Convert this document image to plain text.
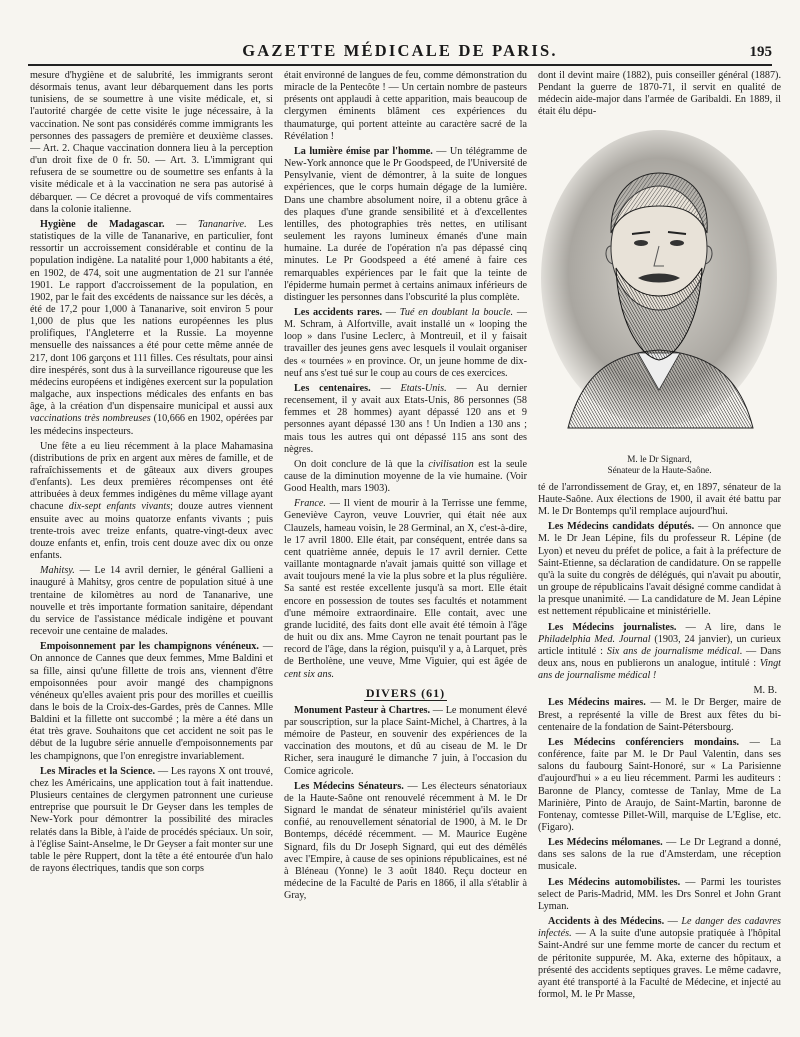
GAZETTE MÉDICALE DE PARIS.	195

mesure d'hygiène et de salubrité, les immigrants seront désormais tenus, avant leur débarquement dans les ports tunisiens, de se soumettre à une visite médicale, et, si l'autorité chargée de cette visite le juge nécessaire, à la vaccination. Ne sont pas considérés comme immigrants les personnes des passagers de première et deuxième classes. — Art. 2. Chaque vaccination donnera lieu à la perception d'un droit fixe de 0 fr. 50. — Art. 3. L'immigrant qui refusera de se soumettre ou de soumettre ses enfants à la visite médicale et à la vaccination ne sera pas autorisé à débarquer. — Ce décret a provoqué de vifs commentaires dans la colonie italienne.

Hygiène de Madagascar. — Tananarive. Les statistiques de la ville de Tananarive, en particulier, font ressortir un accroissement considérable et continu de la population indigène. La natalité pour 1,000 habitants a été, en 1902, de 474, soit une augmentation de 21 sur l'année 1901. Le rapport d'accroissement de la population, en 1902, par le fait des excédents de naissance sur les décès, a été de 17,2 pour 1,000 à Tananarive, soit environ 5 pour 1,000 de plus que les nations européennes les plus prolifiques, l'Angleterre et la Russie. La moyenne mensuelle des naissances a été pour cette même année de 217, dont 106 garçons et 111 filles. Ces résultats, pour ainsi dire inespérés, sont dus à la surveillance rigoureuse que les médecins européens et indigènes exercent sur la population malgache, aux inspections médicales des enfants en bas âge, à la création d'un dispensaire municipal et aussi aux vaccinations très nombreuses (10,666 en 1902, opérées par les médecins inspecteurs.

Une fête a eu lieu récemment à la place Mahamasina (distributions de prix en argent aux mères de famille, et de rafraîchissements et de gâteaux aux divers groupes d'enfants). Les deux premières récompenses ont été attribuées à deux femmes indigènes du même village ayant chacune dix-sept enfants vivants; douze autres viennent ensuite avec au moins quatorze enfants vivants ; puis trente-trois avec treize enfants, quatre-vingt-deux avec douze enfants et, enfin, trois cent douze avec dix ou onze enfants.

Mahitsy. — Le 14 avril dernier, le général Gallieni a inauguré à Mahitsy, gros centre de population situé à une trentaine de kilomètres au nord de Tananarive, une nouvelle et très importante formation sanitaire, dépendant du service de l'assistance médicale indigène et pouvant recevoir une centaine de malades.

Empoisonnement par les champignons vénéneux. — On annonce de Cannes que deux femmes, Mme Baldini et sa fille, ainsi qu'une fillette de trois ans, viennent d'être empoisonnées pour avoir mangé des champignons vénéneux qu'elles avaient pris pour des morilles et cueillis dans le bois de la Croix-des-Gardes, près de Cannes. Mlle Baldini et la fillette ont succombé ; la mère a été dans un état très grave. Souhaitons que cet accident ne soit pas le début de la lugubre série annuelle d'empoisonnements par les champignons, que l'on enregistre invariablement.

Les Miracles et la Science. — Les rayons X ont trouvé, chez les Américains, une application tout à fait inattendue. Plusieurs centaines de clergymen patronnent une curieuse entreprise que poursuit le Dr Geyser dans les temples de New-York pour démontrer la possibilité des miracles relatés dans la Bible, à l'aide de procédés spéciaux. Un soir, à l'église Saint-Anselme, le Dr Geyser a fait monter sur une table le père Ruppert, dont la tête a été entourée d'un halo de rayons électriques, tandis que son corps

était environné de langues de feu, comme démonstration du miracle de la Pentecôte ! — Un certain nombre de pasteurs présents ont applaudi à cette apparition, mais beaucoup de clergymen éminents blâment ces expériences du thaumaturge, qui portent atteinte au caractère sacré de la Révélation !

La lumière émise par l'homme. — Un télégramme de New-York annonce que le Pr Goodspeed, de l'Université de Pensylvanie, vient de démontrer, à la suite de longues expériences, que le corps humain dégage de la lumière. Dans une chambre absolument noire, il a obtenu grâce à des plaques d'une grande sensibilité et à d'excellentes lentilles, des photographies très nettes, en utilisant seulement les rayons lumineux émanés d'une main humaine. La durée de l'opération n'a pas dépassé cinq minutes. Le Pr Goodspeed a été amené à faire ces remarquables expériences par le fait que la teinte de l'épiderme humain permet à certains animaux inférieurs de distinguer les personnes dans l'obscurité la plus complète.

Les accidents rares. — Tué en doublant la boucle. — M. Schram, à Alfortville, avait installé un « looping the loop » dans l'usine Leclerc, à Montreuil, et il y faisait travailler des jeunes gens avec lesquels il voulait organiser des « tournées » en province. Or, un jeune homme de dix-neuf ans s'est tué sur le coup au cours de ces exercices.

Les centenaires. — Etats-Unis. — Au dernier recensement, il y avait aux Etats-Unis, 86 personnes (58 femmes et 28 hommes) ayant dépassé 120 ans et 9 personnes ayant dépassé 130 ans ! Un Indien a 130 ans ; mais tous les autres qui ont dépassé 115 ans sont des nègres.

On doit conclure de là que la civilisation est la seule cause de la diminution moyenne de la vie humaine. (Voir Good Health, mars 1903).

France. — Il vient de mourir à la Terrisse une femme, Geneviève Cayron, veuve Louvrier, qui était née aux Clauzels, hameau voisin, le 28 Germinal, an X, c'est-à-dire, le 17 avril 1800. Elle était, par conséquent, entrée dans sa cent quatrième année, depuis le 17 avril dernier. Cette vaillante montagnarde n'avait jamais quitté son village et avait toujours mené la vie la plus sobre et la plus régulière. Sa santé est restée excellente jusqu'à sa mort. Elle était encore en possession de toutes ses facultés et notamment d'une mémoire extraordinaire. Elle contait, avec une grande lucidité, des faits dont elle avait été témoin à l'âge de huit ou dix ans. Mme Cayron ne tenait pourtant pas le record de l'âge, dans la région, puisqu'il y a, à Larquet, près de Bertholène, une veuve, Mme Viguier, qui est âgée de cent six ans.

DIVERS (61)

Monument Pasteur à Chartres. — Le monument élevé par souscription, sur la place Saint-Michel, à Chartres, à la mémoire de Pasteur, en souvenir des expériences de la vaccination des moutons, et dû au ciseau de M. le Dr Richer, sera inauguré le dimanche 7 juin, à l'occasion du Comice agricole.

Les Médecins Sénateurs. — Les électeurs sénatoriaux de la Haute-Saône ont renouvelé récemment à M. le Dr Signard le mandat de sénateur ministériel qu'ils avaient confié, au renouvellement sénatorial de 1900, à M. le Dr Bontemps, décédé récemment. — M. Maurice Eugène Signard, fils du Dr Joseph Signard, qui eut des démêlés avec l'Empire, à cause de ses opinions républicaines, est né à Bléneau (Yonne) le 3 août 1840. Reçu docteur en médecine de la Faculté de Paris en 1866, il alla s'établir à Gray,

dont il devint maire (1882), puis conseiller général (1887). Pendant la guerre de 1870-71, il servit en qualité de médecin aide-major dans l'armée de Garibaldi. En 1889, il était élu dépu-

M. le Dr Signard,
Sénateur de la Haute-Saône.

té de l'arrondissement de Gray, et, en 1897, sénateur de la Haute-Saône. Aux élections de 1900, il avait été battu par M. le Dr Bontemps qu'il remplace aujourd'hui.

Les Médecins candidats députés. — On annonce que M. le Dr Jean Lépine, fils du professeur R. Lépine (de Lyon) et neveu du préfet de police, a fait à la préfecture de Saint-Etienne, sa déclaration de candidature. On se rappelle qu'à la suite du congrès de délégués, qui n'avait pu aboutir, un groupe de républicains l'avait désigné comme candidat à la presque unanimité. — La candidature de M. Jean Lépine est nettement républicaine et ministérielle.

Les Médecins journalistes. — A lire, dans le Philadelphia Med. Journal (1903, 24 janvier), un curieux article intitulé : Six ans de journalisme médical. — Dans deux ans, nous en publierons un analogue, intitulé : Vingt ans de journalisme médical !

M. B.

Les Médecins maires. — M. le Dr Berger, maire de Brest, a représenté la ville de Brest aux fêtes du bi-centenaire de la fondation de Saint-Pétersbourg.

Les Médecins conférenciers mondains. — La conférence, faite par M. le Dr Paul Valentin, dans ses salons du faubourg Saint-Honoré, sur « La Parisienne d'aujourd'hui » a eu lieu récemment. Parmi les auditeurs : Baronne de Plancy, comtesse de Tanlay, Mme de La Marinière, Pinto de Araujo, de Saint-Martin, baronne de Fontenay, comtesse Pillet-Will, marquise de L'Eglise, etc. (Figaro).

Les Médecins mélomanes. — Le Dr Legrand a donné, dans ses salons de la rue d'Amsterdam, une réception musicale.

Les Médecins automobilistes. — Parmi les touristes select de Paris-Madrid, MM. les Drs Sonrel et John Grant Lyman.

Accidents à des Médecins. — Le danger des cadavres infectés. — A la suite d'une autopsie pratiquée à l'hôpital Saint-André sur une femme morte de cancer du rectum et de péritonite suppurée, M. Aka, externe des hôpitaux, a présenté des accidents septiques graves. Le même cadavre, ayant été transporté à la Faculté de Médecine, et injecté au formol, M. le Pr Masse,
